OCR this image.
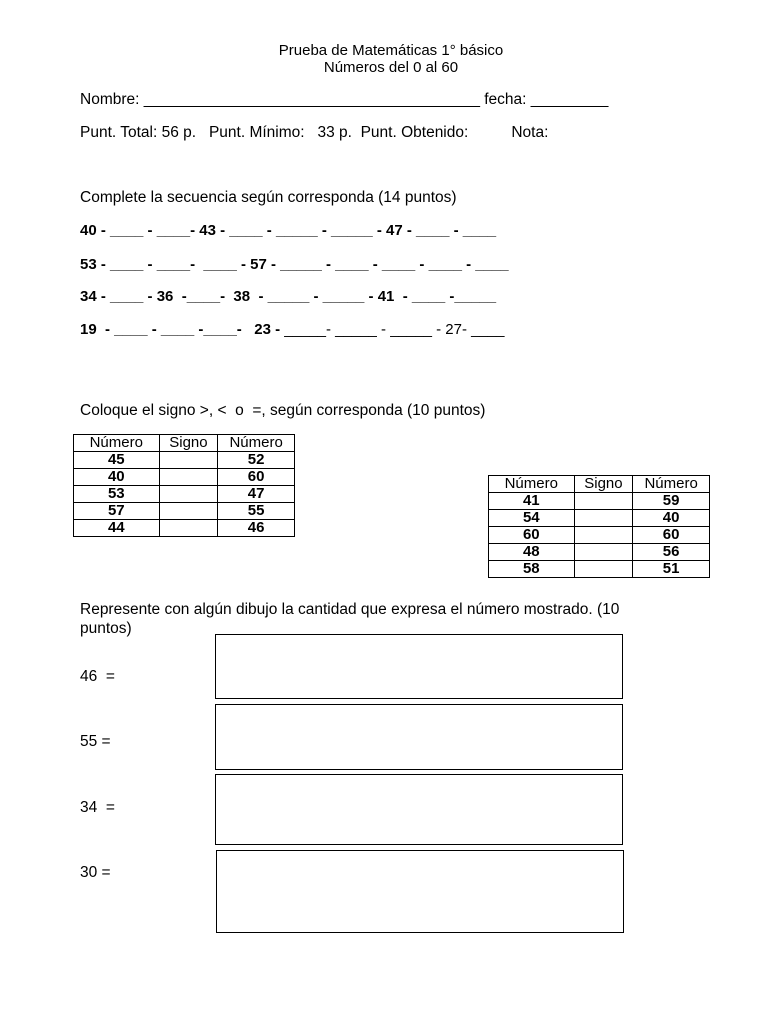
Prueba de Matemáticas 1° básico
Números del 0 al 60
Nombre: _______________________________________ fecha: _________
Punt. Total: 56 p.   Punt. Mínimo:   33 p.  Punt. Obtenido:          Nota:
Complete la secuencia según corresponda (14 puntos)
40 - ____ - ____- 43 - ____ - _____ - _____ - 47 - ____ - ____
53 - ____ - ____-  ____ - 57 - _____ - ____ - ____ - ____ - ____
34 - ____ - 36  -____-  38  - _____ - _____ - 41  - ____ -_____
19  - ____ - ____ -____-   23 - _____- _____ - _____ - 27- ____
Coloque el signo >, <  o  =, según corresponda (10 puntos)
Número	Signo	Número
45		52
40		60
53		47
57		55
44		46
Número	Signo	Número
41		59
54		40
60		60
48		56
58		51
Represente con algún dibujo la cantidad que expresa el número mostrado. (10
puntos)
46  =
55 =
34  =
30 =
